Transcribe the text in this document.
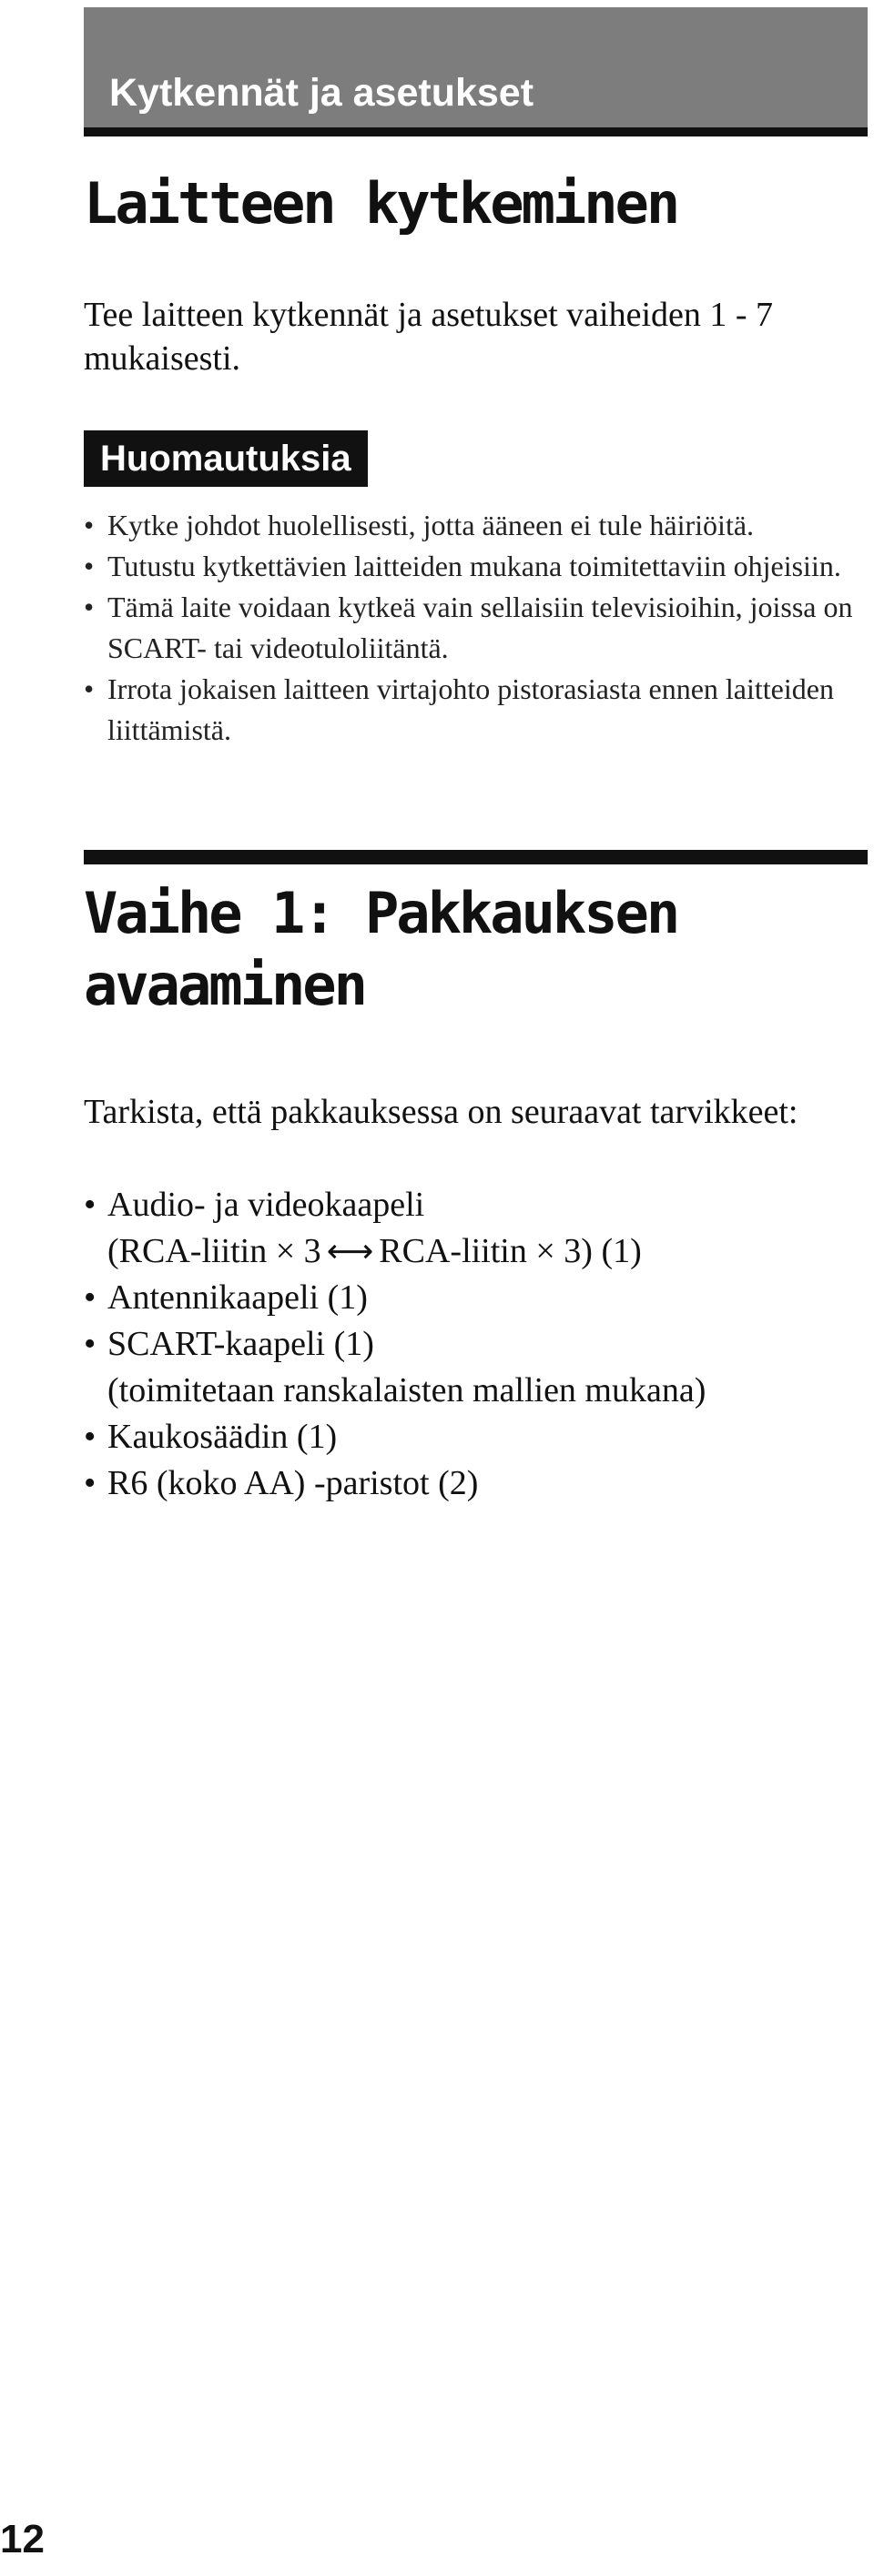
Kytkennät ja asetukset
Laitteen kytkeminen

Tee laitteen kytkennät ja asetukset vaiheiden 1 - 7 mukaisesti.

Huomautuksia
• Kytke johdot huolellisesti, jotta ääneen ei tule häiriöitä.
• Tutustu kytkettävien laitteiden mukana toimitettaviin ohjeisiin.
• Tämä laite voidaan kytkeä vain sellaisiin televisioihin, joissa on SCART- tai videotuloliitäntä.
• Irrota jokaisen laitteen virtajohto pistorasiasta ennen laitteiden liittämistä.
Vaihe 1: Pakkauksen avaaminen

Tarkista, että pakkauksessa on seuraavat tarvikkeet:

• Audio- ja videokaapeli
(RCA-liitin × 3 ⟷ RCA-liitin × 3) (1)
• Antennikaapeli (1)
• SCART-kaapeli (1)
(toimitetaan ranskalaisten mallien mukana)
• Kaukosäädin (1)
• R6 (koko AA) -paristot (2)
12
